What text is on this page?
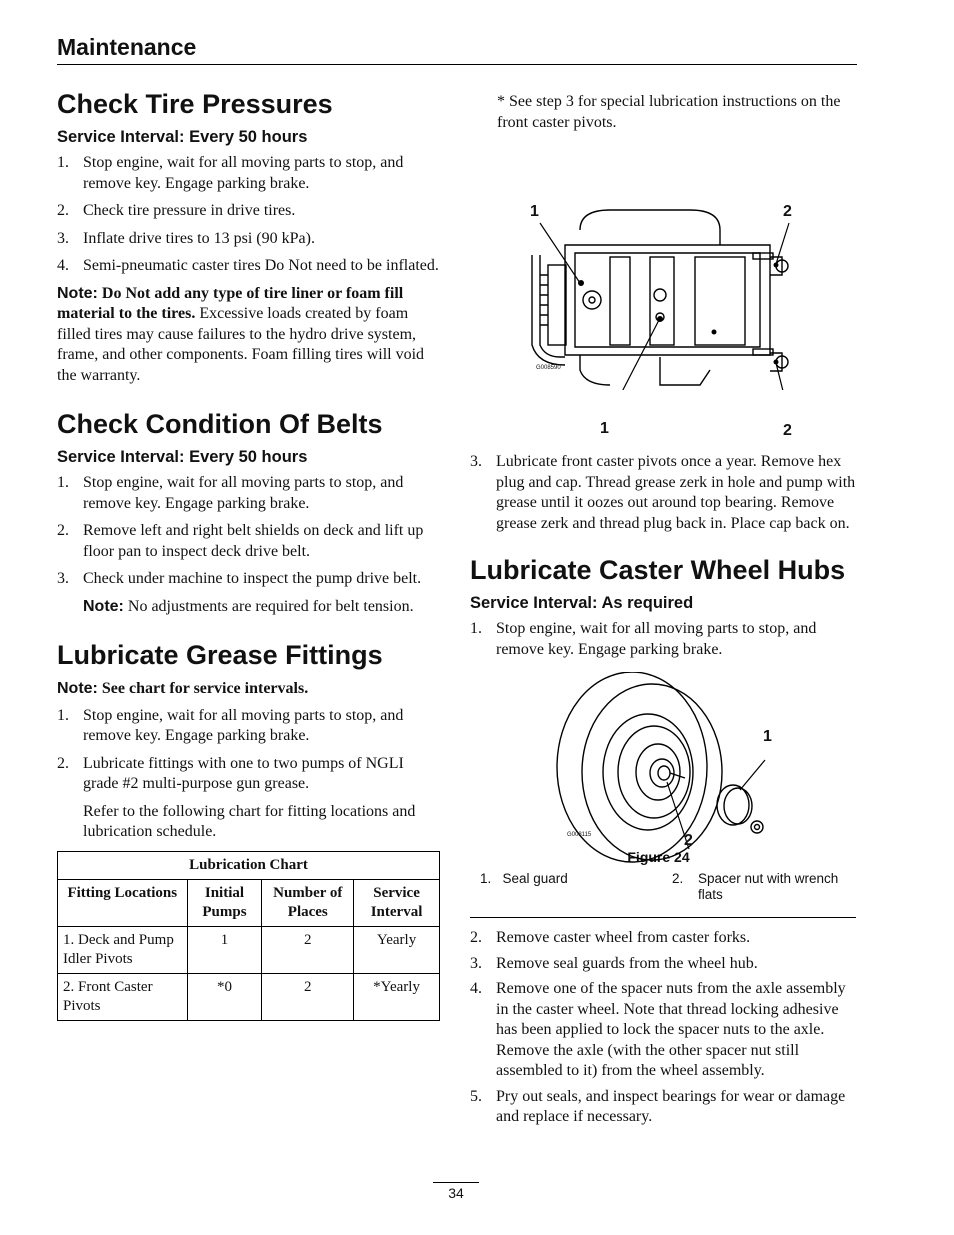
Maintenance
Check Tire Pressures
Service Interval: Every 50 hours
1. Stop engine, wait for all moving parts to stop, and remove key. Engage parking brake.
2. Check tire pressure in drive tires.
3. Inflate drive tires to 13 psi (90 kPa).
4. Semi-pneumatic caster tires Do Not need to be inflated.

Note: Do Not add any type of tire liner or foam fill material to the tires. Excessive loads created by foam filled tires may cause failures to the hydro drive system, frame, and other components. Foam filling tires will void the warranty.

Check Condition Of Belts
Service Interval: Every 50 hours
1. Stop engine, wait for all moving parts to stop, and remove key. Engage parking brake.
2. Remove left and right belt shields on deck and lift up floor pan to inspect deck drive belt.
3. Check under machine to inspect the pump drive belt.

Note: No adjustments are required for belt tension.

Lubricate Grease Fittings

Note: See chart for service intervals.

1. Stop engine, wait for all moving parts to stop, and remove key. Engage parking brake.
2. Lubricate fittings with one to two pumps of NGLI grade #2 multi-purpose gun grease.

Refer to the following chart for fitting locations and lubrication schedule.

Lubrication Chart			
Fitting Locations	Initial Pumps	Number of Places	Service Interval
1. Deck and Pump Idler Pivots	1	2	Yearly
2. Front Caster Pivots	*0	2	*Yearly

* See step 3 for special lubrication instructions on the front caster pivots.

1	2
1	2
G008590
3. Lubricate front caster pivots once a year. Remove hex plug and cap. Thread grease zerk in hole and pump with grease until it oozes out around top bearing. Remove grease zerk and thread plug back in. Place cap back on.
Lubricate Caster Wheel Hubs
Service Interval: As required
1. Stop engine, wait for all moving parts to stop, and remove key. Engage parking brake.
1
2
G008115
Figure 24
1.   Seal guard	2.	Spacer nut with wrench flats
2. Remove caster wheel from caster forks.
3. Remove seal guards from the wheel hub.
4. Remove one of the spacer nuts from the axle assembly in the caster wheel. Note that thread locking adhesive has been applied to lock the spacer nuts to the axle. Remove the axle (with the other spacer nut still assembled to it) from the wheel assembly.
5. Pry out seals, and inspect bearings for wear or damage and replace if necessary.
34
